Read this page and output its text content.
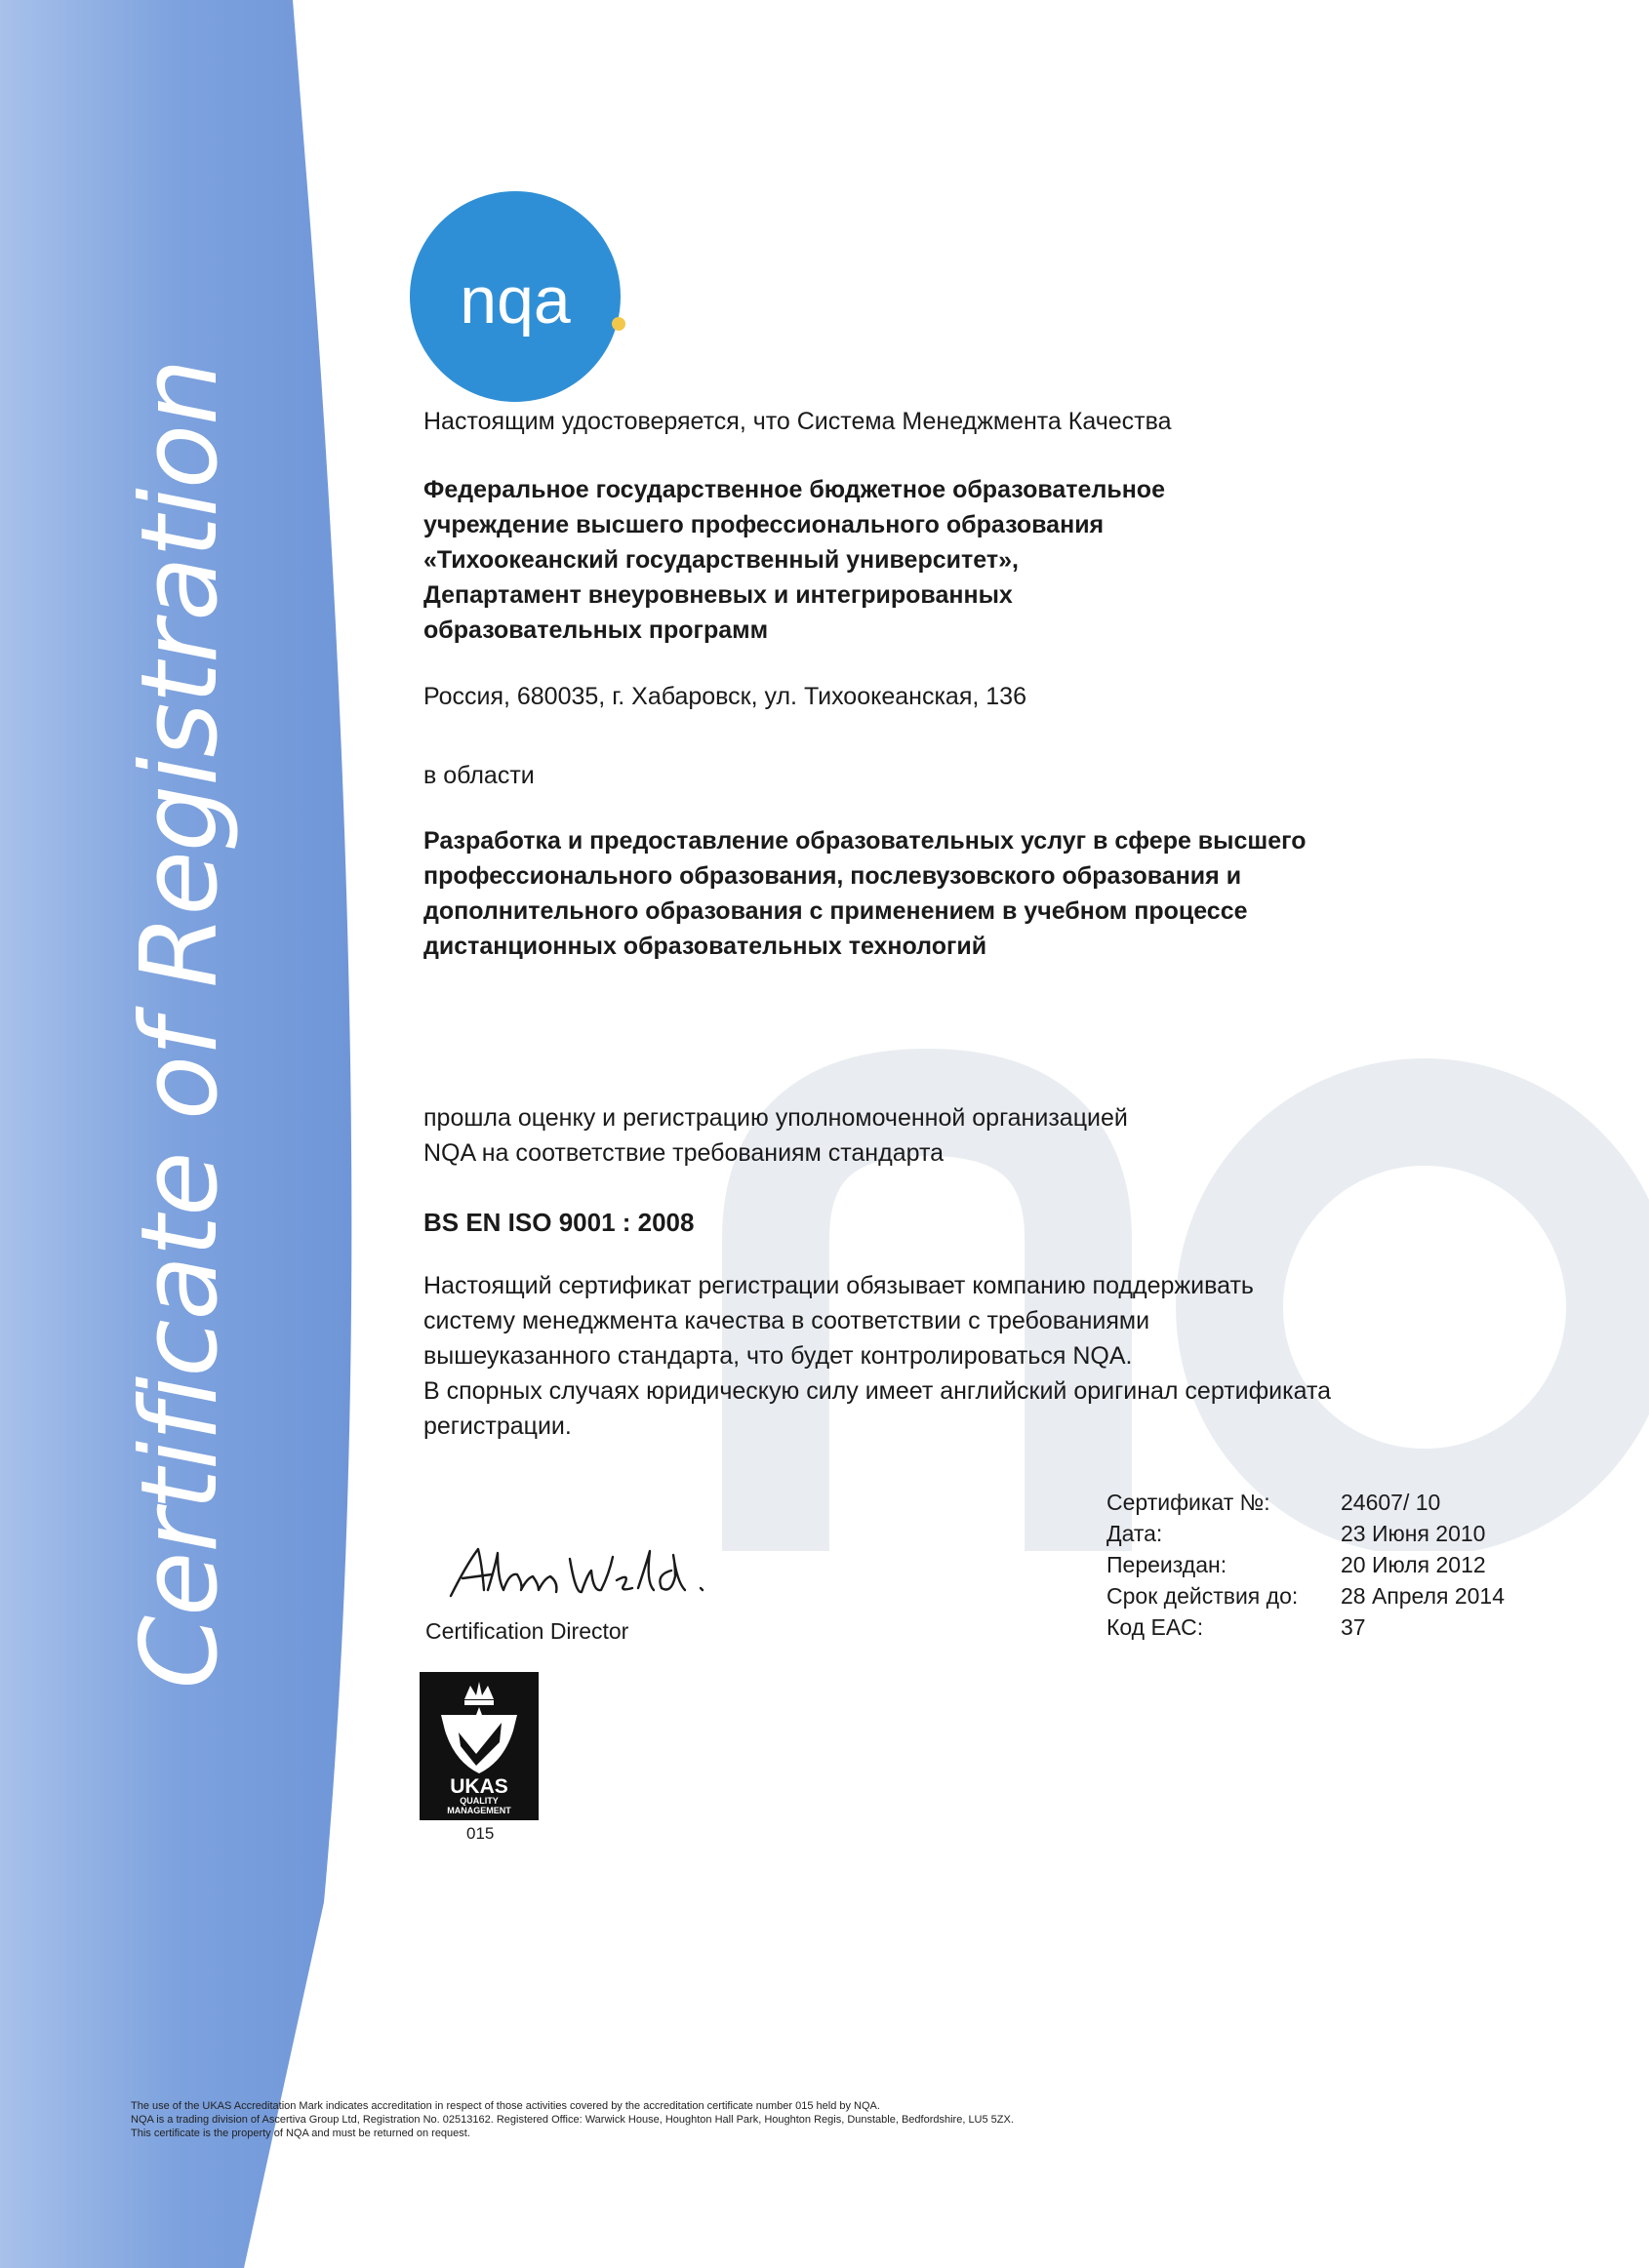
Certificate of Registration
nqa
Настоящим удостоверяется, что Система Менеджмента Качества
Федеральное государственное бюджетное образовательное
учреждение высшего профессионального образования
«Тихоокеанский государственный университет»,
Департамент внеуровневых и интегрированных
образовательных программ
Россия, 680035, г. Хабаровск, ул. Тихоокеанская, 136
в области
Разработка и предоставление образовательных услуг в сфере высшего
профессионального образования, послевузовского образования и
дополнительного образования с применением в учебном процессе
дистанционных образовательных технологий
прошла оценку и регистрацию уполномоченной организацией
NQA на соответствие требованиям стандарта
BS EN ISO 9001 : 2008
Настоящий сертификат регистрации обязывает компанию поддерживать
систему менеджмента качества в соответствии с требованиями
вышеуказанного стандарта, что будет контролироваться NQA.
В спорных случаях юридическую силу имеет английский оригинал сертификата
регистрации.
Сертификат №:	24607/ 10
Дата:	23 Июня 2010
Переиздан:	20 Июля 2012
Срок действия до: 28 Апреля 2014
Код EAC:	37
Certification Director
UKAS
QUALITY
MANAGEMENT
015
The use of the UKAS Accreditation Mark indicates accreditation in respect of those activities covered by the accreditation certificate number 015 held by NQA.
NQA is a trading division of Ascertiva Group Ltd, Registration No. 02513162. Registered Office: Warwick House, Houghton Hall Park, Houghton Regis, Dunstable, Bedfordshire, LU5 5ZX.
This certificate is the property of NQA and must be returned on request.
